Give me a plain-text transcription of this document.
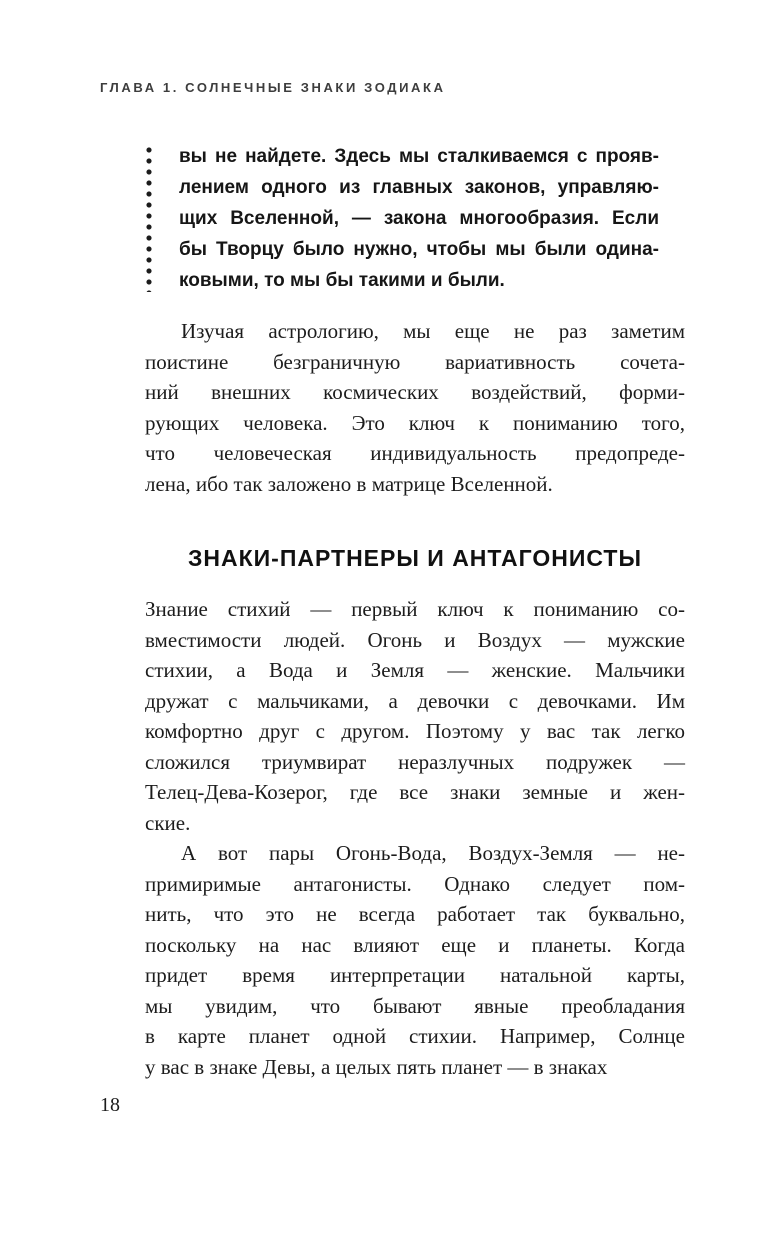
ГЛАВА 1. СОЛНЕЧНЫЕ ЗНАКИ ЗОДИАКА
вы не найдете. Здесь мы сталкиваемся с прояв-
лением одного из главных законов, управляю-
щих Вселенной, — закона многообразия. Если
бы Творцу было нужно, чтобы мы были одина-
ковыми, то мы бы такими и были.
Изучая астрологию, мы еще не раз заметим
поистине безграничную вариативность сочета-
ний внешних космических воздействий, форми-
рующих человека. Это ключ к пониманию того,
что человеческая индивидуальность предопреде-
лена, ибо так заложено в матрице Вселенной.
ЗНАКИ-ПАРТНЕРЫ И АНТАГОНИСТЫ
Знание стихий — первый ключ к пониманию со-
вместимости людей. Огонь и Воздух — мужские
стихии, а Вода и Земля — женские. Мальчики
дружат с мальчиками, а девочки с девочками. Им
комфортно друг с другом. Поэтому у вас так легко
сложился триумвират неразлучных подружек —
Телец-Дева-Козерог, где все знаки земные и жен-
ские.
А вот пары Огонь-Вода, Воздух-Земля — не-
примиримые антагонисты. Однако следует пом-
нить, что это не всегда работает так буквально,
поскольку на нас влияют еще и планеты. Когда
придет время интерпретации натальной карты,
мы увидим, что бывают явные преобладания
в карте планет одной стихии. Например, Солнце
у вас в знаке Девы, а целых пять планет — в знаках
18
